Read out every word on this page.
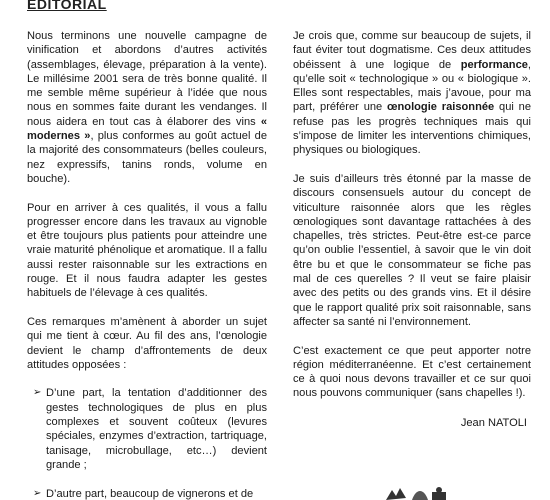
EDITORIAL

Nous terminons une nouvelle campagne de vinification et abordons d’autres activités (assemblages, élevage, préparation à la vente). Le millésime 2001 sera de très bonne qualité. Il me semble même supérieur à l’idée que nous nous en sommes faite durant les vendanges. Il nous aidera en tout cas à élaborer des vins « modernes », plus conformes au goût actuel de la majorité des consommateurs (belles couleurs, nez expressifs, tanins ronds, volume en bouche).

Pour en arriver à ces qualités, il vous a fallu progresser encore dans les travaux au vignoble et être toujours plus patients pour atteindre une vraie maturité phénolique et aromatique. Il a fallu aussi rester raisonnable sur les extractions en rouge. Et il nous faudra adapter les gestes habituels de l’élevage à ces qualités.

Ces remarques m’amènent à aborder un sujet qui me tient à cœur. Au fil des ans, l’œnologie devient le champ d’affrontements de deux attitudes opposées :

➢ D’une part, la tentation d’additionner des gestes technologiques de plus en plus complexes et souvent coûteux (levures spéciales, enzymes d’extraction, tartriquage, tanisage, microbullage, etc…) devient grande ;
➢ D’autre part, beaucoup de vignerons et de

Je crois que, comme sur beaucoup de sujets, il faut éviter tout dogmatisme. Ces deux attitudes obéissent à une logique de performance, qu’elle soit « technologique » ou « biologique ». Elles sont respectables, mais j’avoue, pour ma part, préférer une œnologie raisonnée qui ne refuse pas les progrès techniques mais qui s’impose de limiter les interventions chimiques, physiques ou biologiques.

Je suis d’ailleurs très étonné par la masse de discours consensuels autour du concept de viticulture raisonnée alors que les règles œnologiques sont davantage rattachées à des chapelles, très strictes. Peut-être est-ce parce qu’on oublie l’essentiel, à savoir que le vin doit être bu et que le consommateur se fiche pas mal de ces querelles ? Il veut se faire plaisir avec des petits ou des grands vins. Et il désire que le rapport qualité prix soit raisonnable, sans affecter sa santé ni l’environnement.

C’est exactement ce que peut apporter notre région méditerranéenne. Et c’est certainement ce à quoi nous devons travailler et ce sur quoi nous pouvons communiquer (sans chapelles !).

Jean NATOLI
